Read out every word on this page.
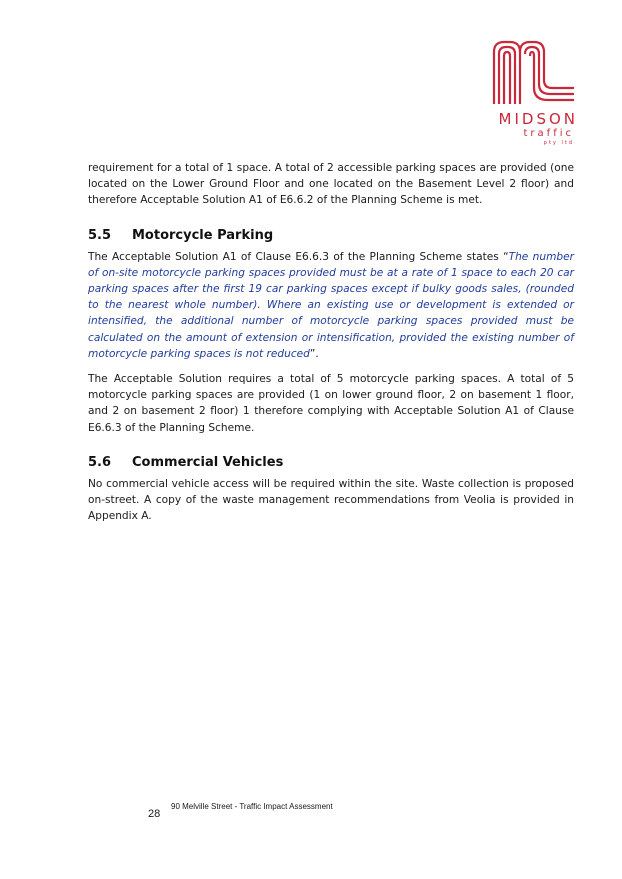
MIDSON
traffic
pty ltd

requirement for a total of 1 space. A total of 2 accessible parking spaces are provided (one located on the Lower Ground Floor and one located on the Basement Level 2 floor) and therefore Acceptable Solution A1 of E6.6.2 of the Planning Scheme is met.

5.5	Motorcycle Parking

The Acceptable Solution A1 of Clause E6.6.3 of the Planning Scheme states “The number of on-site motorcycle parking spaces provided must be at a rate of 1 space to each 20 car parking spaces after the first 19 car parking spaces except if bulky goods sales, (rounded to the nearest whole number). Where an existing use or development is extended or intensified, the additional number of motorcycle parking spaces provided must be calculated on the amount of extension or intensification, provided the existing number of motorcycle parking spaces is not reduced”.

The Acceptable Solution requires a total of 5 motorcycle parking spaces. A total of 5 motorcycle parking spaces are provided (1 on lower ground floor, 2 on basement 1 floor, and 2 on basement 2 floor) 1 therefore complying with Acceptable Solution A1 of Clause E6.6.3 of the Planning Scheme.

5.6	Commercial Vehicles

No commercial vehicle access will be required within the site. Waste collection is proposed on-street. A copy of the waste management recommendations from Veolia is provided in Appendix A.

28
90 Melville Street - Traffic Impact Assessment
